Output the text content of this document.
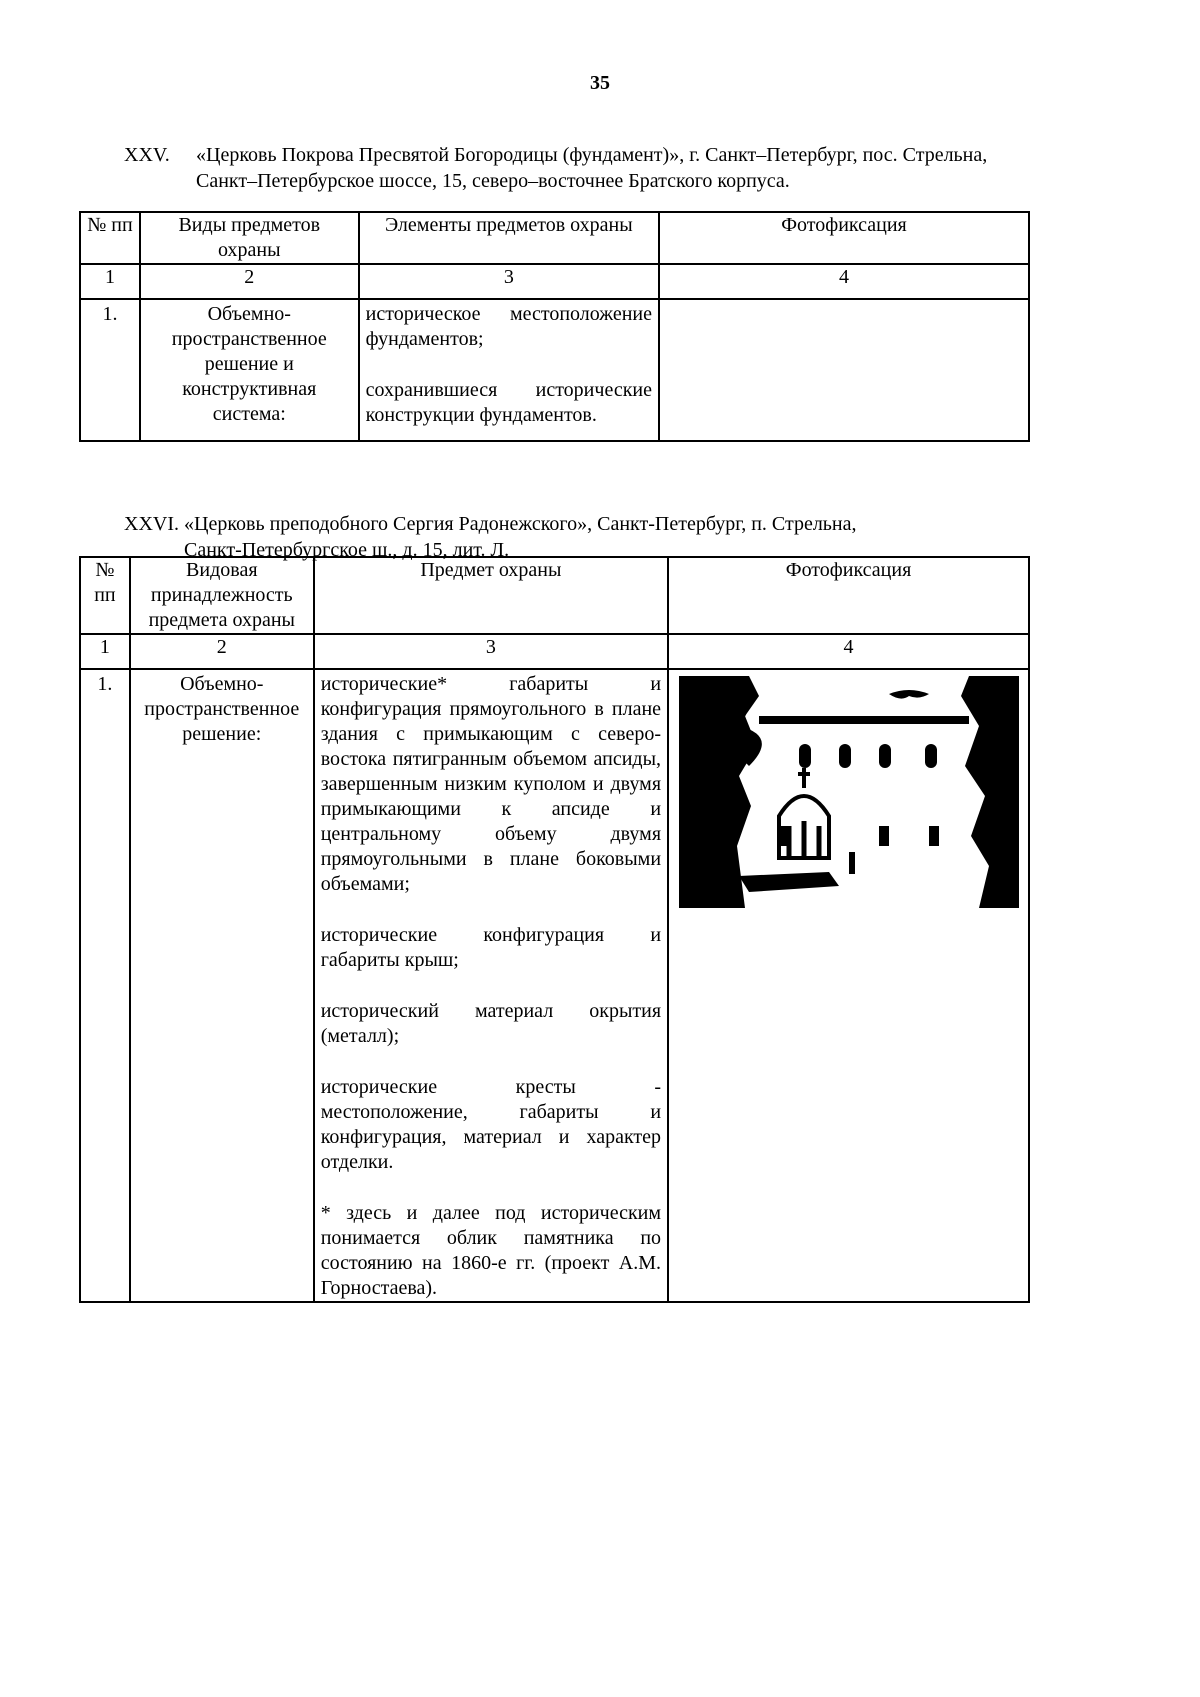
35
XXV. «Церковь Покрова Пресвятой Богородицы (фундамент)», г. Санкт–Петербург, пос. Стрельна,
Санкт–Петербурское шоссе, 15, северо–восточнее Братского корпуса.
№ пп	Виды предметов охраны	Элементы предметов охраны	Фотофиксация
1	2	3	4
1.	Объемно-пространственное решение и конструктивная система:	историческое местоположение фундаментов;

сохранившиеся исторические конструкции фундаментов.	

XXVI. «Церковь преподобного Сергия Радонежского», Санкт-Петербург, п. Стрельна,
Санкт-Петербургское ш., д. 15, лит. Л.
№ пп	Видовая принадлежность предмета охраны	Предмет охраны	Фотофиксация
1	2	3	4
1.	Объемно-пространственное решение:	исторические* габариты и конфигурация прямоугольного в плане здания с примыкающим с северо-востока пятигранным объемом апсиды, завершенным низким куполом и двумя примыкающими к апсиде и центральному объему двумя прямоугольными в плане боковыми объемами;

исторические конфигурация и габариты крыш;

исторический материал окрытия (металл);

исторические кресты - местоположение, габариты и конфигурация, материал и характер отделки.

* здесь и далее под историческим понимается облик памятника по состоянию на 1860-е гг. (проект А.М. Горностаева).
